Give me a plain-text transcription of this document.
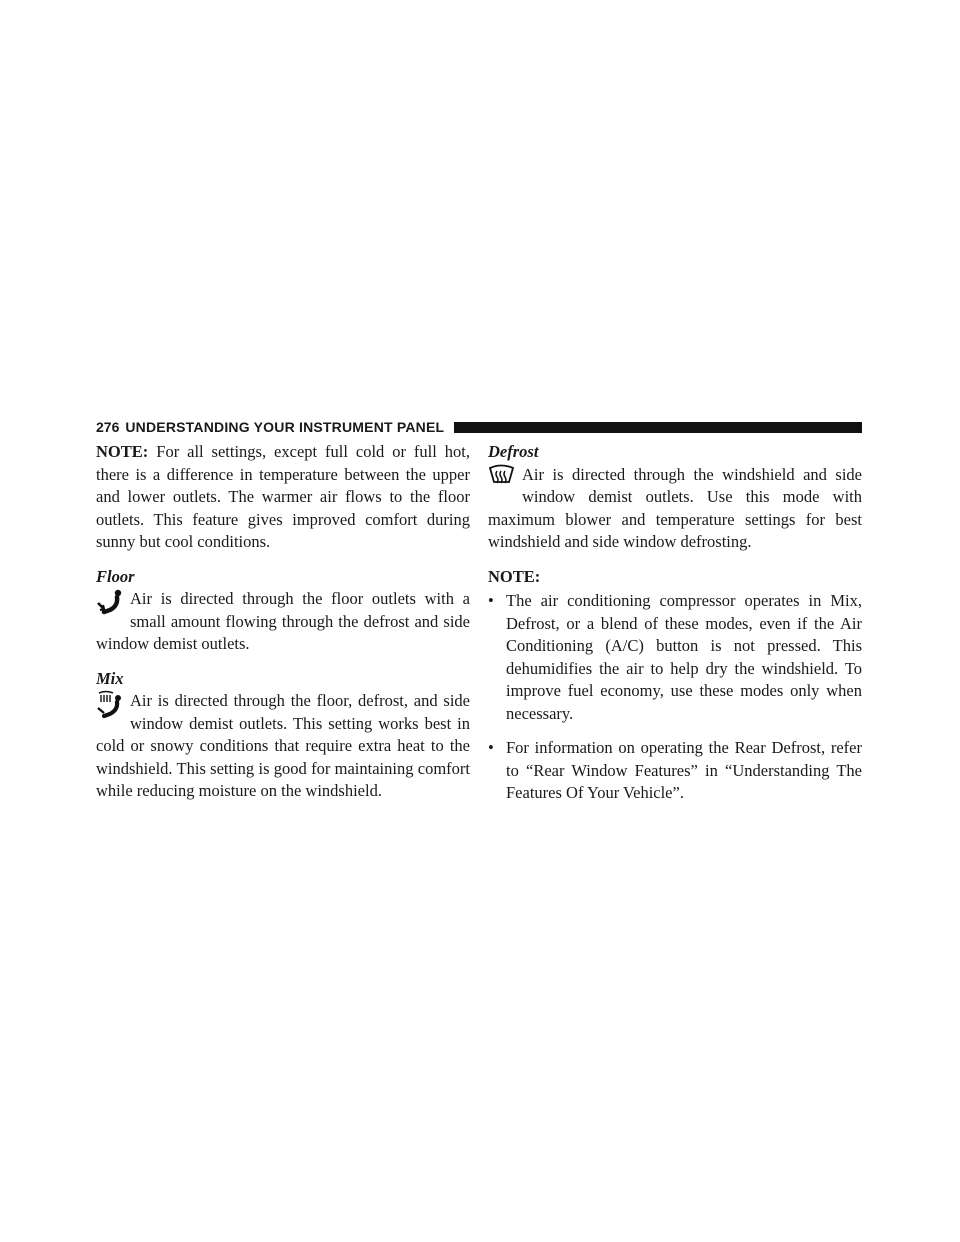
276 UNDERSTANDING YOUR INSTRUMENT PANEL

NOTE: For all settings, except full cold or full hot, there is a difference in temperature between the upper and lower outlets. The warmer air flows to the floor outlets. This feature gives improved comfort during sunny but cool conditions.

Floor

Air is directed through the floor outlets with a small amount flowing through the defrost and side window demist outlets.

Mix

Air is directed through the floor, defrost, and side window demist outlets. This setting works best in cold or snowy conditions that require extra heat to the windshield. This setting is good for maintaining comfort while reducing moisture on the windshield.

Defrost

Air is directed through the windshield and side window demist outlets. Use this mode with maximum blower and temperature settings for best windshield and side window defrosting.

NOTE:

• The air conditioning compressor operates in Mix, Defrost, or a blend of these modes, even if the Air Conditioning (A/C) button is not pressed. This dehumidifies the air to help dry the windshield. To improve fuel economy, use these modes only when necessary.
• For information on operating the Rear Defrost, refer to “Rear Window Features” in “Understanding The Features Of Your Vehicle”.
